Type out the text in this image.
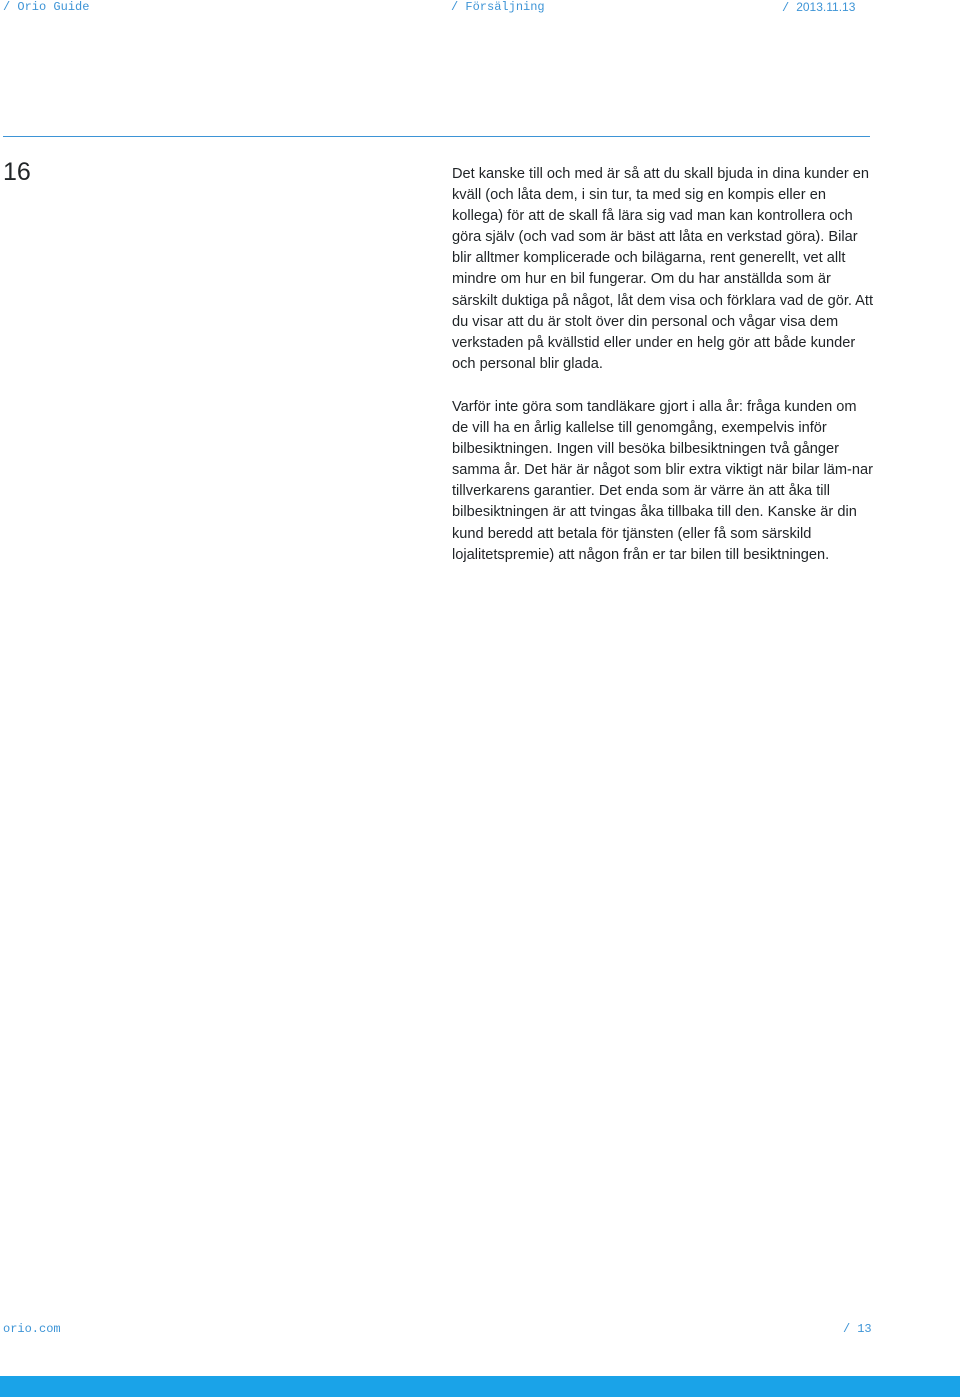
/ Orio Guide	/ Försäljning	/ 2013.11.13
16	Det kanske till och med är så att du skall bjuda in dina kunder en kväll (och låta dem, i sin tur, ta med sig en kompis eller en kollega) för att de skall få lära sig vad man kan kontrollera och göra själv (och vad som är bäst att låta en verkstad göra). Bilar blir alltmer komplicerade och bilägarna, rent generellt, vet allt mindre om hur en bil fungerar. Om du har anställda som är särskilt duktiga på något, låt dem visa och förklara vad de gör. Att du visar att du är stolt över din personal och vågar visa dem verkstaden på kvällstid eller under en helg gör att både kunder och personal blir glada.

Varför inte göra som tandläkare gjort i alla år: fråga kunden om de vill ha en årlig kallelse till genomgång, exempelvis inför bilbesiktningen. Ingen vill besöka bilbesiktningen två gånger samma år. Det här är något som blir extra viktigt när bilar läm-nar tillverkarens garantier. Det enda som är värre än att åka till bilbesiktningen är att tvingas åka tillbaka till den. Kanske är din kund beredd att betala för tjänsten (eller få som särskild lojalitetspremie) att någon från er tar bilen till besiktningen.

orio.com	/ 13
